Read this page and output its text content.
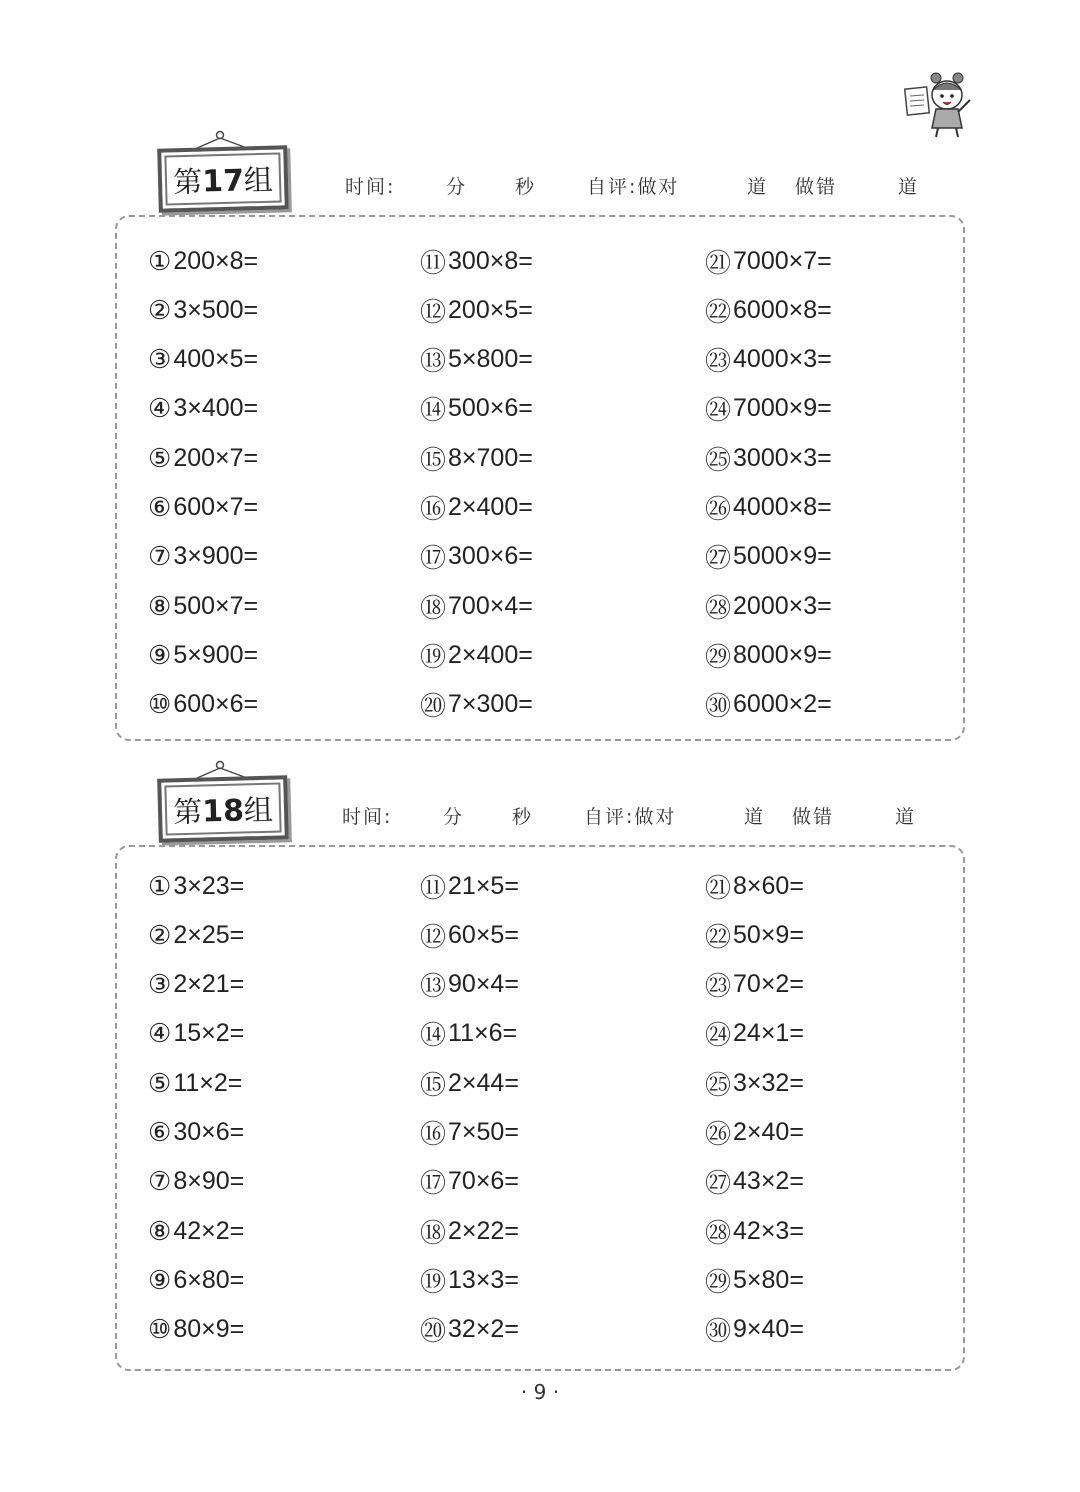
第17组	时间:	分	秒	自评:做对	道 做错	道
① 200×8=
② 3×500=
③ 400×5=
④ 3×400=
⑤ 200×7=
⑥ 600×7=
⑦ 3×900=
⑧ 500×7=
⑨ 5×900=
⑩ 600×6=
⑪ 300×8=
⑫ 200×5=
⑬ 5×800=
⑭ 500×6=
⑮ 8×700=
⑯ 2×400=
⑰ 300×6=
⑱ 700×4=
⑲ 2×400=
⑳ 7×300=
㉑ 7000×7=
㉒ 6000×8=
㉓ 4000×3=
㉔ 7000×9=
㉕ 3000×3=
㉖ 4000×8=
㉗ 5000×9=
㉘ 2000×3=
㉙ 8000×9=
㉚ 6000×2=
第18组	时间:	分	秒	自评:做对	道 做错	道
① 3×23=
② 2×25=
③ 2×21=
④ 15×2=
⑤ 11×2=
⑥ 30×6=
⑦ 8×90=
⑧ 42×2=
⑨ 6×80=
⑩ 80×9=
⑪ 21×5=
⑫ 60×5=
⑬ 90×4=
⑭ 11×6=
⑮ 2×44=
⑯ 7×50=
⑰ 70×6=
⑱ 2×22=
⑲ 13×3=
⑳ 32×2=
㉑ 8×60=
㉒ 50×9=
㉓ 70×2=
㉔ 24×1=
㉕ 3×32=
㉖ 2×40=
㉗ 43×2=
㉘ 42×3=
㉙ 5×80=
㉚ 9×40=
· 9 ·
